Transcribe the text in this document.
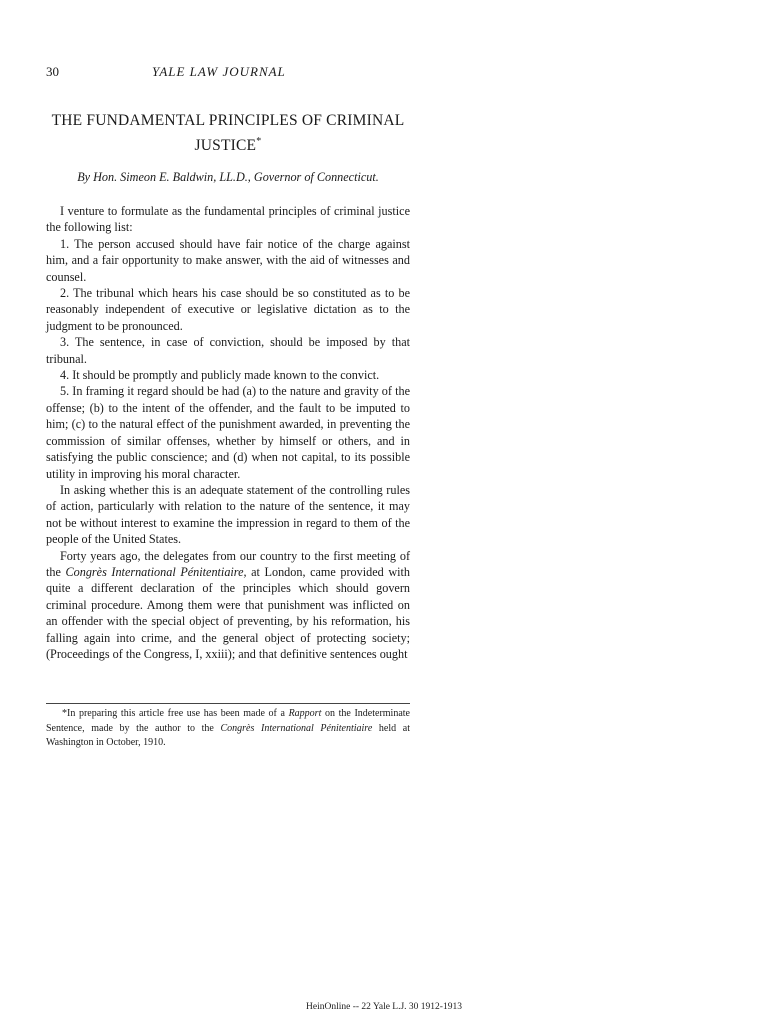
30	YALE LAW JOURNAL
THE FUNDAMENTAL PRINCIPLES OF CRIMINAL
JUSTICE*
By Hon. Simeon E. Baldwin, LL.D., Governor of Connecticut.

I venture to formulate as the fundamental principles of criminal justice the following list:

1. The person accused should have fair notice of the charge against him, and a fair opportunity to make answer, with the aid of witnesses and counsel.

2. The tribunal which hears his case should be so constituted as to be reasonably independent of executive or legislative dictation as to the judgment to be pronounced.

3. The sentence, in case of conviction, should be imposed by that tribunal.

4. It should be promptly and publicly made known to the convict.

5. In framing it regard should be had (a) to the nature and gravity of the offense; (b) to the intent of the offender, and the fault to be imputed to him; (c) to the natural effect of the punishment awarded, in preventing the commission of similar offenses, whether by himself or others, and in satisfying the public conscience; and (d) when not capital, to its possible utility in improving his moral character.

In asking whether this is an adequate statement of the controlling rules of action, particularly with relation to the nature of the sentence, it may not be without interest to examine the impression in regard to them of the people of the United States.

Forty years ago, the delegates from our country to the first meeting of the Congrès International Pénitentiaire, at London, came provided with quite a different declaration of the principles which should govern criminal procedure. Among them were that punishment was inflicted on an offender with the special object of preventing, by his reformation, his falling again into crime, and the general object of protecting society; (Proceedings of the Congress, I, xxiii); and that definitive sentences ought

*In preparing this article free use has been made of a Rapport on the Indeterminate Sentence, made by the author to the Congrès International Pénitentiaire held at Washington in October, 1910.

HeinOnline -- 22 Yale L.J. 30 1912-1913
